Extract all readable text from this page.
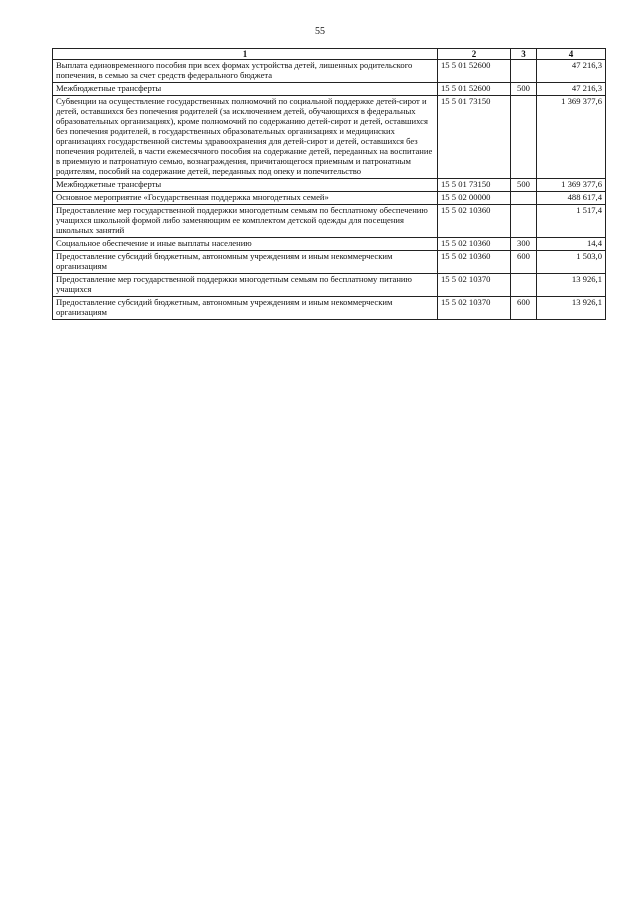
55
1	2	3	4
Выплата единовременного пособия при всех формах устройства детей, лишенных родительского попечения, в семью за счет средств федерального бюджета	15 5 01 52600		47 216,3
Межбюджетные трансферты	15 5 01 52600	500	47 216,3
Субвенции на осуществление государственных полномочий по социальной поддержке детей-сирот и детей, оставшихся без попечения родителей (за исключением детей, обучающихся в федеральных образовательных организациях), кроме полномочий по содержанию детей-сирот и детей, оставшихся без попечения родителей, в государственных образовательных организациях и медицинских организациях государственной системы здравоохранения для детей-сирот и детей, оставшихся без попечения родителей, в части ежемесячного пособия на содержание детей, переданных на воспитание в приемную и патронатную семью, вознаграждения, причитающегося приемным и патронатным родителям, пособий на содержание детей, переданных под опеку и попечительство	15 5 01 73150		1 369 377,6
Межбюджетные трансферты	15 5 01 73150	500	1 369 377,6
Основное мероприятие «Государственная поддержка многодетных семей»	15 5 02 00000		488 617,4
Предоставление мер государственной поддержки многодетным семьям по бесплатному обеспечению учащихся школьной формой либо заменяющим ее комплектом детской одежды для посещения школьных занятий	15 5 02 10360		1 517,4
Социальное обеспечение и иные выплаты населению	15 5 02 10360	300	14,4
Предоставление субсидий бюджетным, автономным учреждениям и иным некоммерческим организациям	15 5 02 10360	600	1 503,0
Предоставление мер государственной поддержки многодетным семьям по бесплатному питанию учащихся	15 5 02 10370		13 926,1
Предоставление субсидий бюджетным, автономным учреждениям и иным некоммерческим организациям	15 5 02 10370	600	13 926,1
